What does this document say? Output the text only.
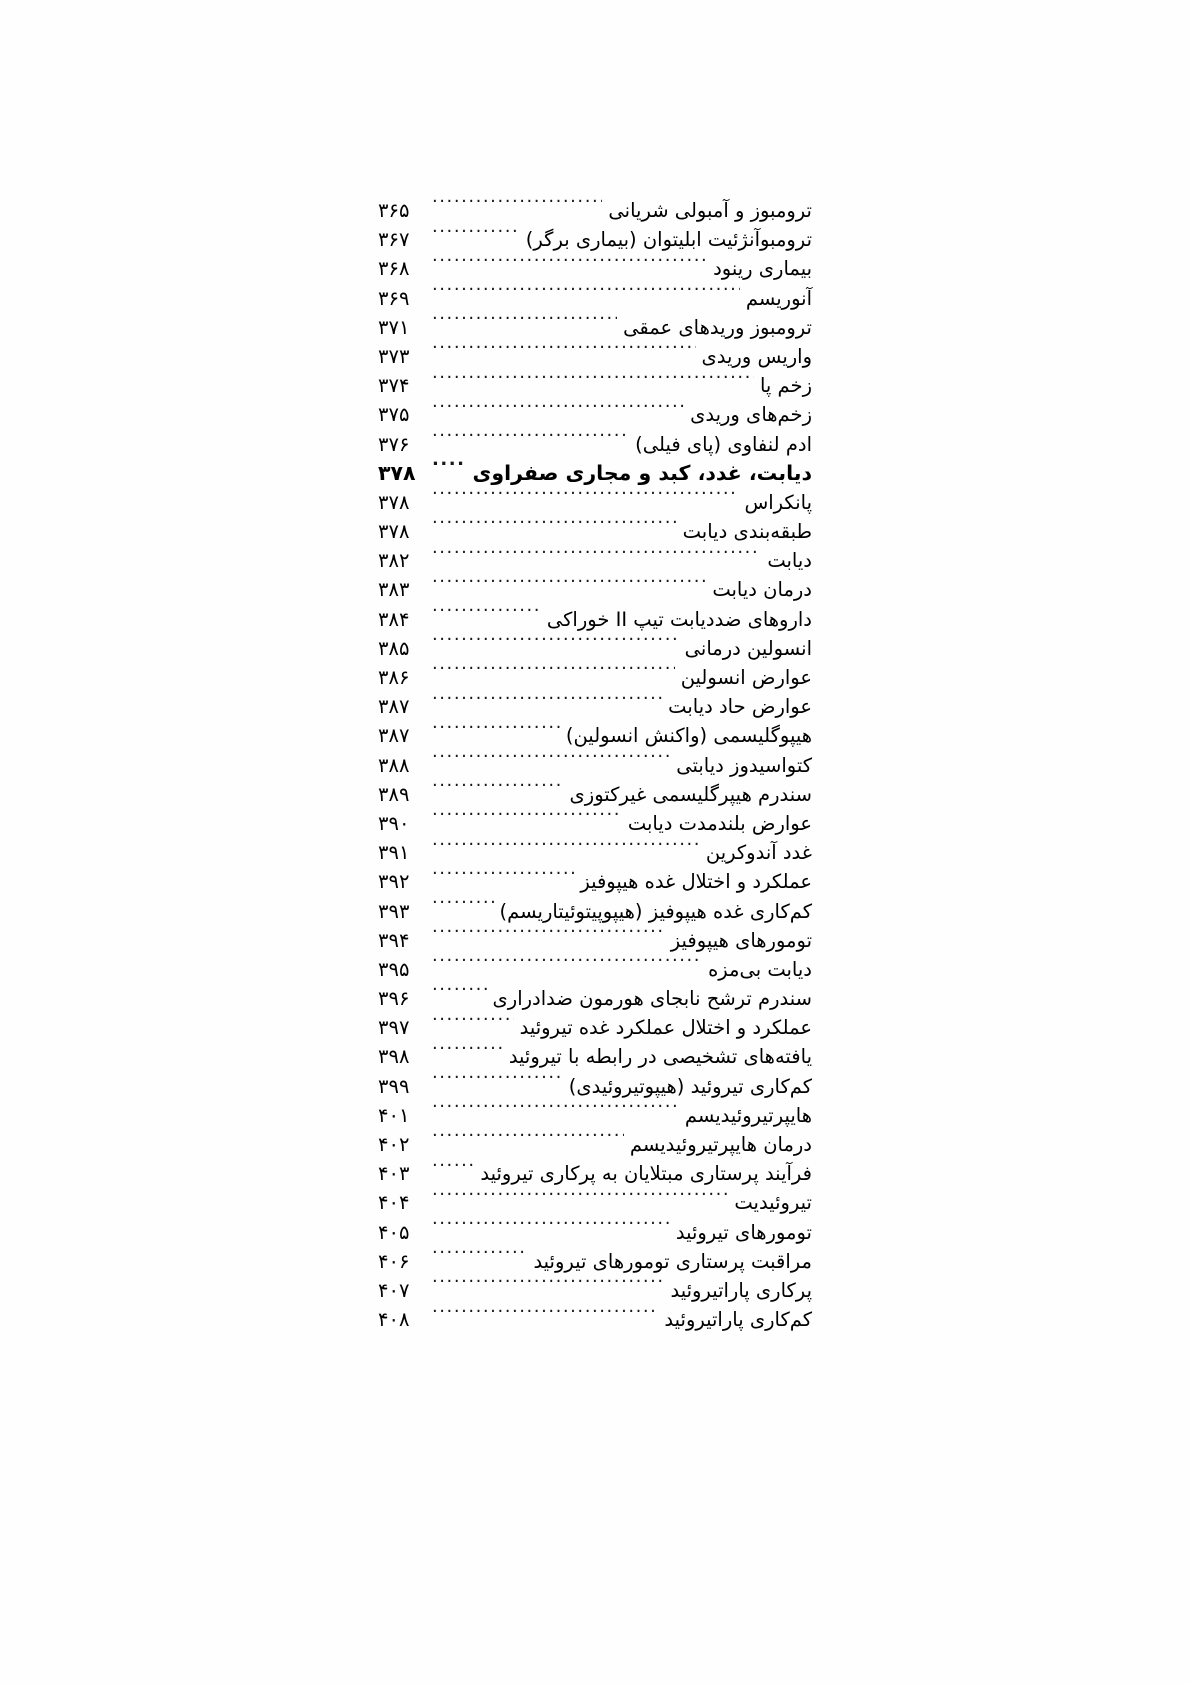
ترومبوز و آمبولی شریانی
.....
۳۶۵
ترومبوآنژئیت ابلیتوان (بیماری برگر)
.....
۳۶۷
بیماری رینود
.....
۳۶۸
آنوریسم
.....
۳۶۹
ترومبوز وریدهای عمقی
.....
۳۷۱
واریس وریدی
.....
۳۷۳
زخم پا
.....
۳۷۴
زخم‌های وریدی
.....
۳۷۵
ادم لنفاوی (پای فیلی)
.....
۳۷۶
دیابت، غدد، کبد و مجاری صفراوی
.....
۳۷۸
پانکراس
.....
۳۷۸
طبقه‌بندی دیابت
.....
۳۷۸
دیابت
.....
۳۸۲
درمان دیابت
.....
۳۸۳
داروهای ضددیابت تیپ II خوراکی
.....
۳۸۴
انسولین درمانی
.....
۳۸۵
عوارض انسولین
.....
۳۸۶
عوارض حاد دیابت
.....
۳۸۷
هیپوگلیسمی (واکنش انسولین)
.....
۳۸۷
کتواسیدوز دیابتی
.....
۳۸۸
سندرم هیپرگلیسمی غیرکتوزی
.....
۳۸۹
عوارض بلندمدت دیابت
.....
۳۹۰
غدد آندوکرین
.....
۳۹۱
عملکرد و اختلال غده هیپوفیز
.....
۳۹۲
کم‌کاری غده هیپوفیز (هیپوپیتوئیتاریسم)
.....
۳۹۳
تومورهای هیپوفیز
.....
۳۹۴
دیابت بی‌مزه
.....
۳۹۵
سندرم ترشح نابجای هورمون ضدادراری
.....
۳۹۶
عملکرد و اختلال عملکرد غده تیروئید
.....
۳۹۷
یافته‌های تشخیصی در رابطه با تیروئید
.....
۳۹۸
کم‌کاری تیروئید (هیپوتیروئیدی)
.....
۳۹۹
هایپرتیروئیدیسم
.....
۴۰۱
درمان هایپرتیروئیدیسم
.....
۴۰۲
فرآیند پرستاری مبتلایان به پرکاری تیروئید
.....
۴۰۳
تیروئیدیت
.....
۴۰۴
تومورهای تیروئید
.....
۴۰۵
مراقبت پرستاری تومورهای تیروئید
.....
۴۰۶
پرکاری پاراتیروئید
.....
۴۰۷
کم‌کاری پاراتیروئید
.....
۴۰۸
